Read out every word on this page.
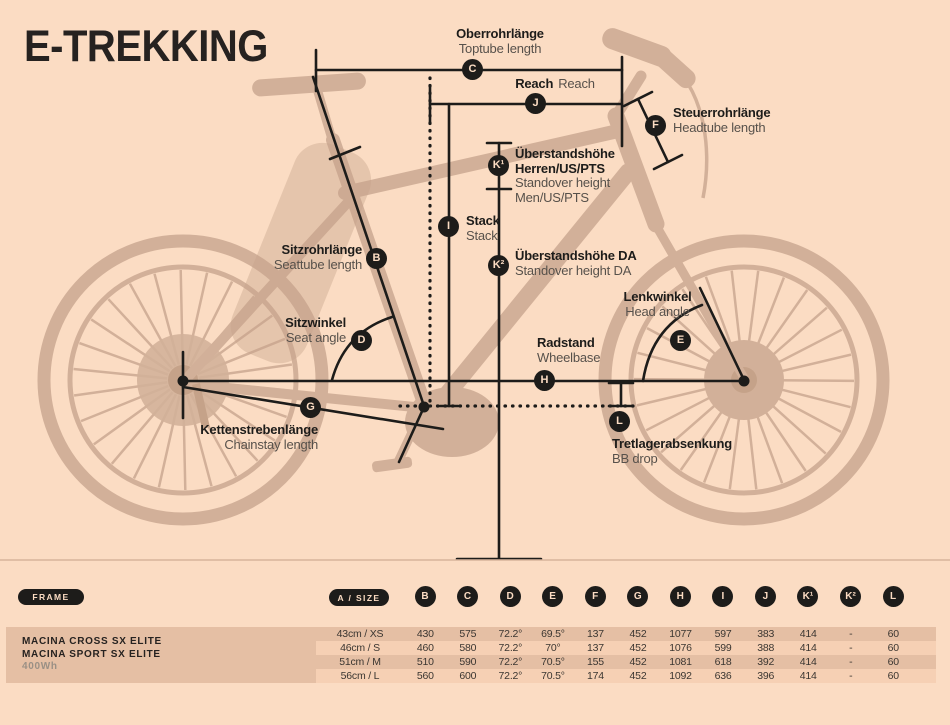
E-TREKKING	C
J
F
K¹
I
K²
B
D	E
H
G
L
Oberrohrlänge
Toptube length
Reach Reach
Steuerrohrlänge
Headtube length
Überstandshöhe
Herren/US/PTS
Standover height
Men/US/PTS
Stack
Stack
Überstandshöhe DA
Standover height DA
Sitzrohrlänge
Seattube length
Sitzwinkel
Seat angle
Lenkwinkel
Head angle
Radstand
Wheelbase
Kettenstrebenlänge
Chainstay length	Tretlagerabsenkung
BB drop
FRAME	A / SIZE	B	C	D	E	F	G	H	I	J	K¹	K²	L
MACINA CROSS SX ELITE
MACINA SPORT SX ELITE
400Wh
43cm / XS	430	575	72.2°	69.5°	137	452	1077	597	383	414	-	60
46cm / S	460	580	72.2°	70°	137	452	1076	599	388	414	-	60
51cm / M	510	590	72.2°	70.5°	155	452	1081	618	392	414	-	60
56cm / L	560	600	72.2°	70.5°	174	452	1092	636	396	414	-	60
